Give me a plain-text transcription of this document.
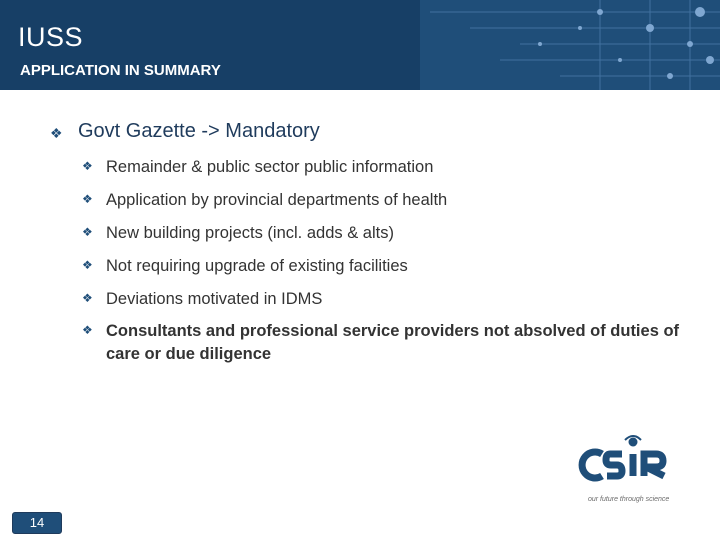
IUSS
APPLICATION IN SUMMARY
❖ Govt Gazette -> Mandatory
❖ Remainder & public sector public information
❖ Application by provincial departments of health
❖ New building projects (incl. adds & alts)
❖ Not requiring upgrade of existing facilities
❖ Deviations motivated in IDMS
❖ Consultants and professional service providers not absolved of duties of care or due diligence
14
our future through science
